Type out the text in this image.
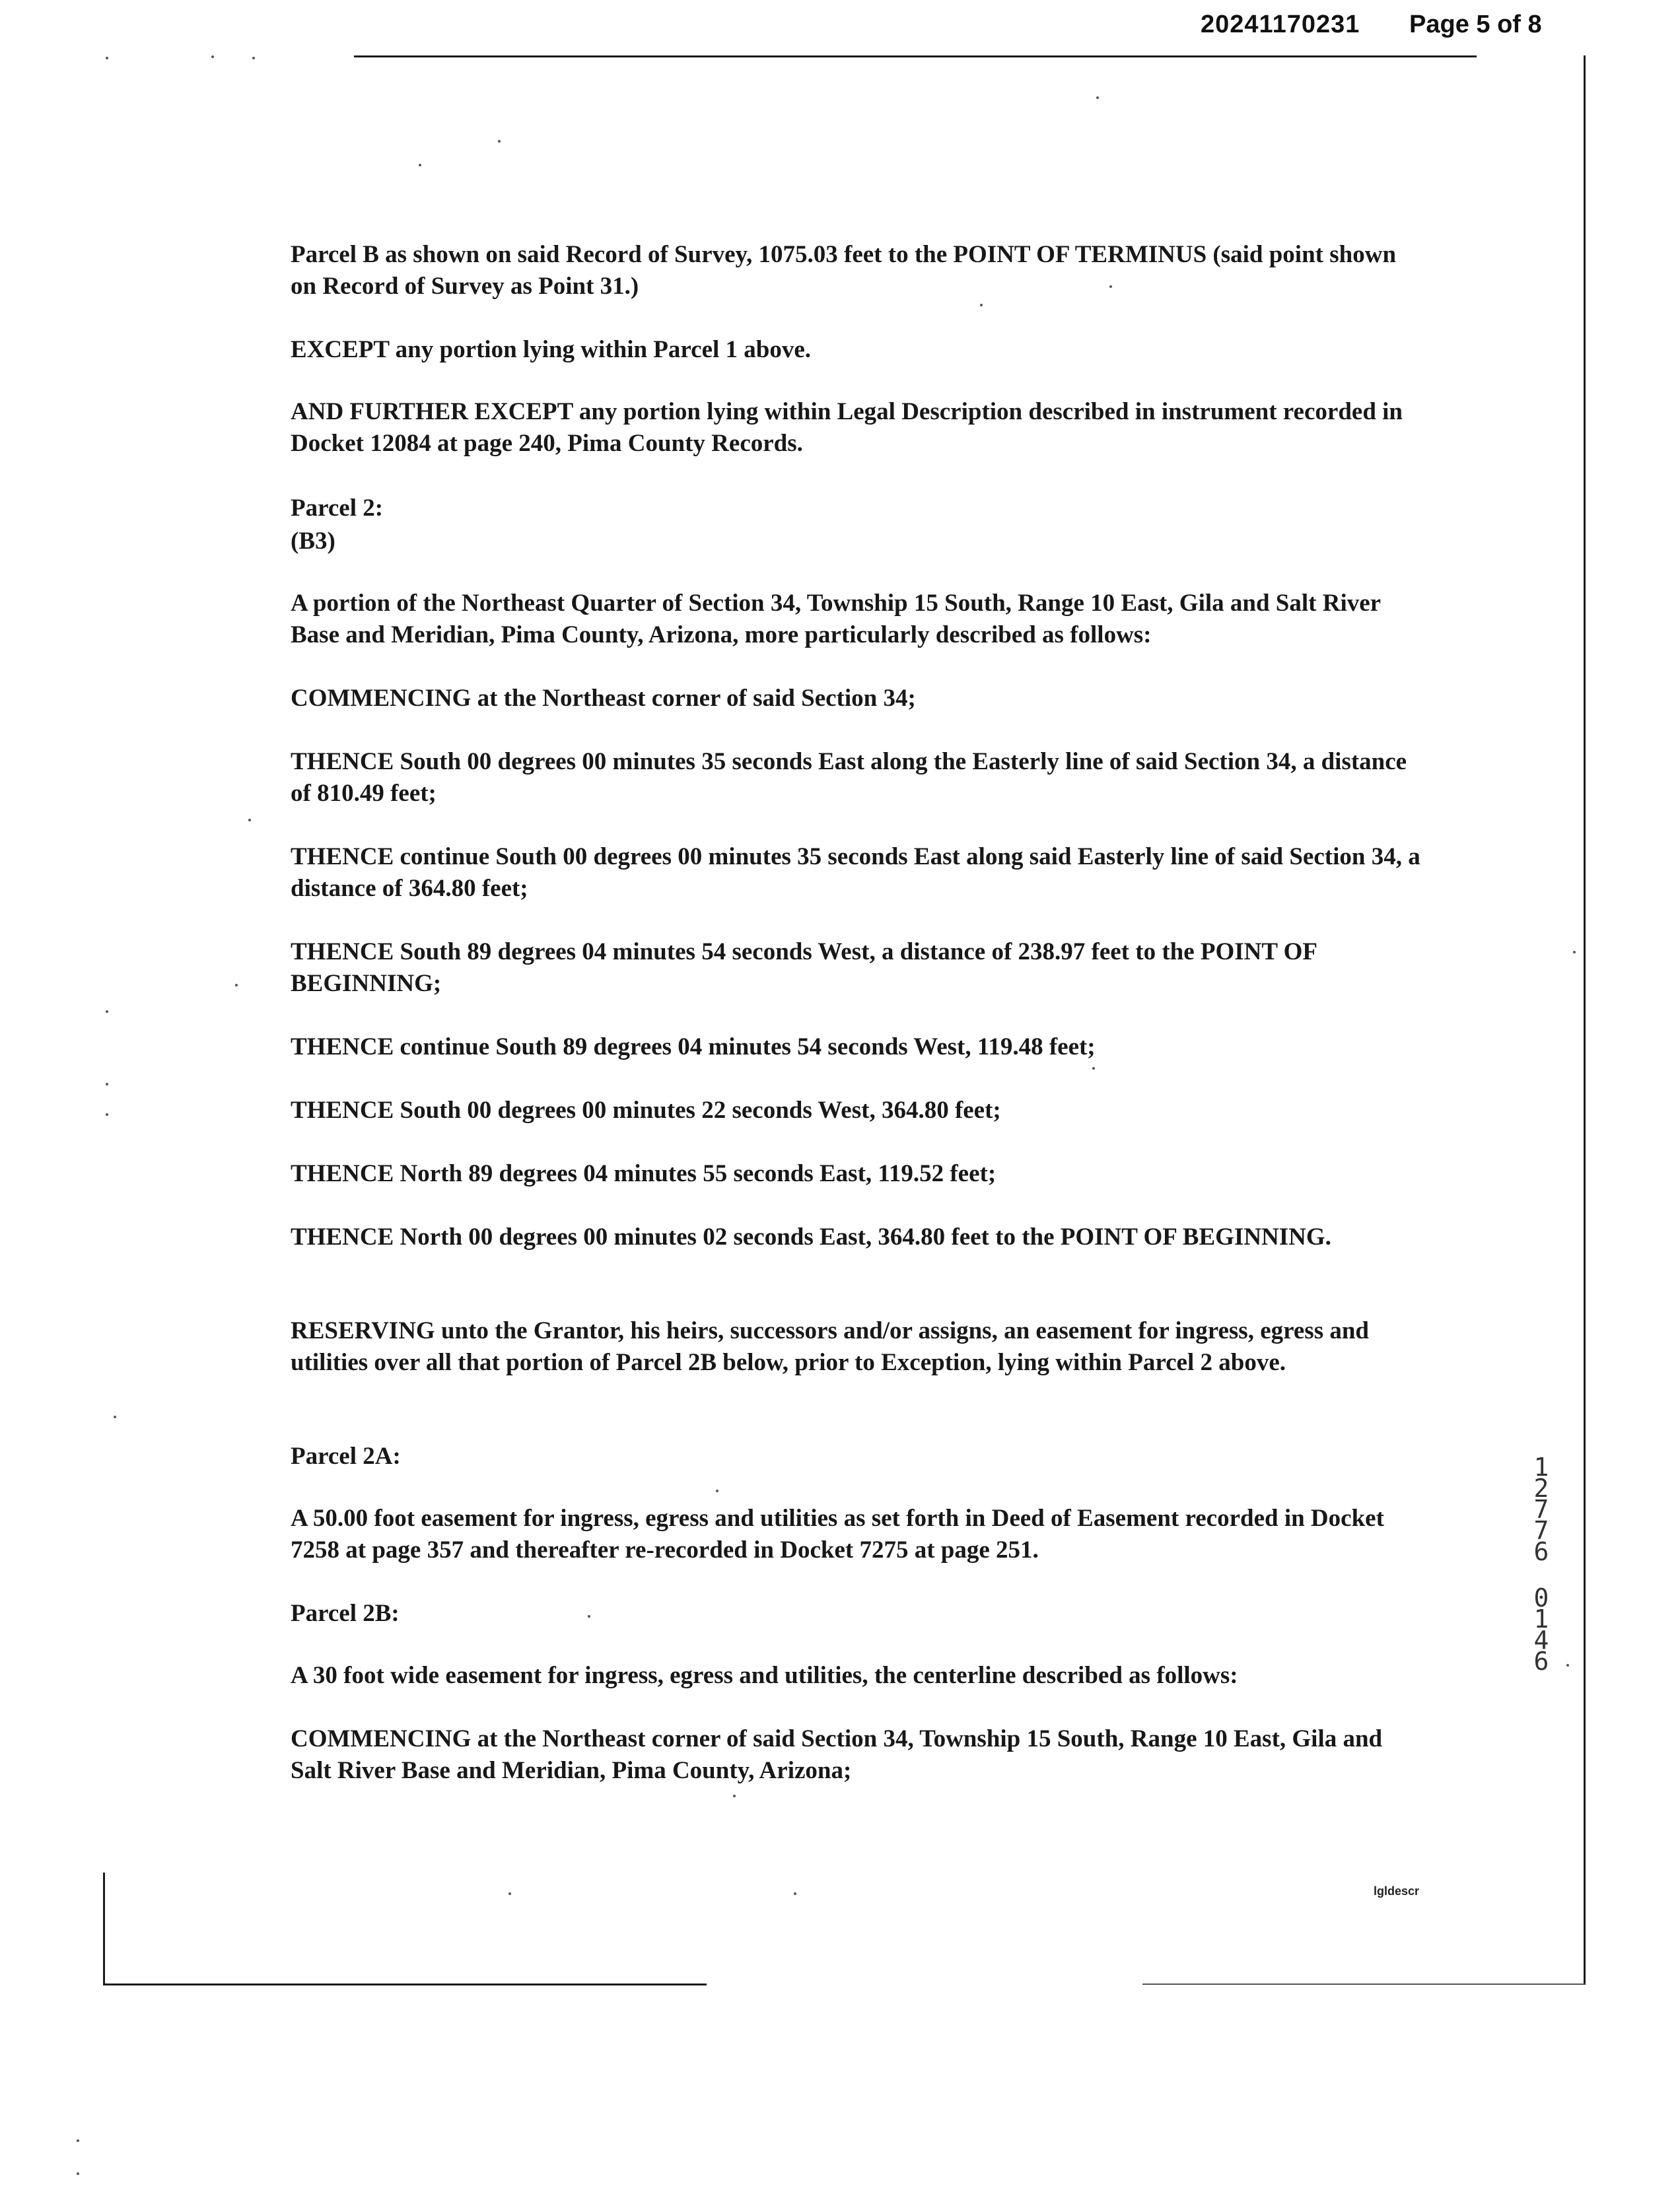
20241170231 Page 5 of 8
Parcel B as shown on said Record of Survey, 1075.03 feet to the POINT OF TERMINUS (said point shown on Record of Survey as Point 31.)
EXCEPT any portion lying within Parcel 1 above.
AND FURTHER EXCEPT any portion lying within Legal Description described in instrument recorded in Docket 12084 at page 240, Pima County Records.
Parcel 2:
(B3)
A portion of the Northeast Quarter of Section 34, Township 15 South, Range 10 East, Gila and Salt River Base and Meridian, Pima County, Arizona, more particularly described as follows:
COMMENCING at the Northeast corner of said Section 34;
THENCE South 00 degrees 00 minutes 35 seconds East along the Easterly line of said Section 34, a distance of 810.49 feet;
THENCE continue South 00 degrees 00 minutes 35 seconds East along said Easterly line of said Section 34, a distance of 364.80 feet;
THENCE South 89 degrees 04 minutes 54 seconds West, a distance of 238.97 feet to the POINT OF BEGINNING;
THENCE continue South 89 degrees 04 minutes 54 seconds West, 119.48 feet;
THENCE South 00 degrees 00 minutes 22 seconds West, 364.80 feet;
THENCE North 89 degrees 04 minutes 55 seconds East, 119.52 feet;
THENCE North 00 degrees 00 minutes 02 seconds East, 364.80 feet to the POINT OF BEGINNING.
RESERVING unto the Grantor, his heirs, successors and/or assigns, an easement for ingress, egress and utilities over all that portion of Parcel 2B below, prior to Exception, lying within Parcel 2 above.
Parcel 2A:
A 50.00 foot easement for ingress, egress and utilities as set forth in Deed of Easement recorded in Docket 7258 at page 357 and thereafter re-recorded in Docket 7275 at page 251.
Parcel 2B:
A 30 foot wide easement for ingress, egress and utilities, the centerline described as follows:
COMMENCING at the Northeast corner of said Section 34, Township 15 South, Range 10 East, Gila and Salt River Base and Meridian, Pima County, Arizona;
12776
0146
lgldescr
